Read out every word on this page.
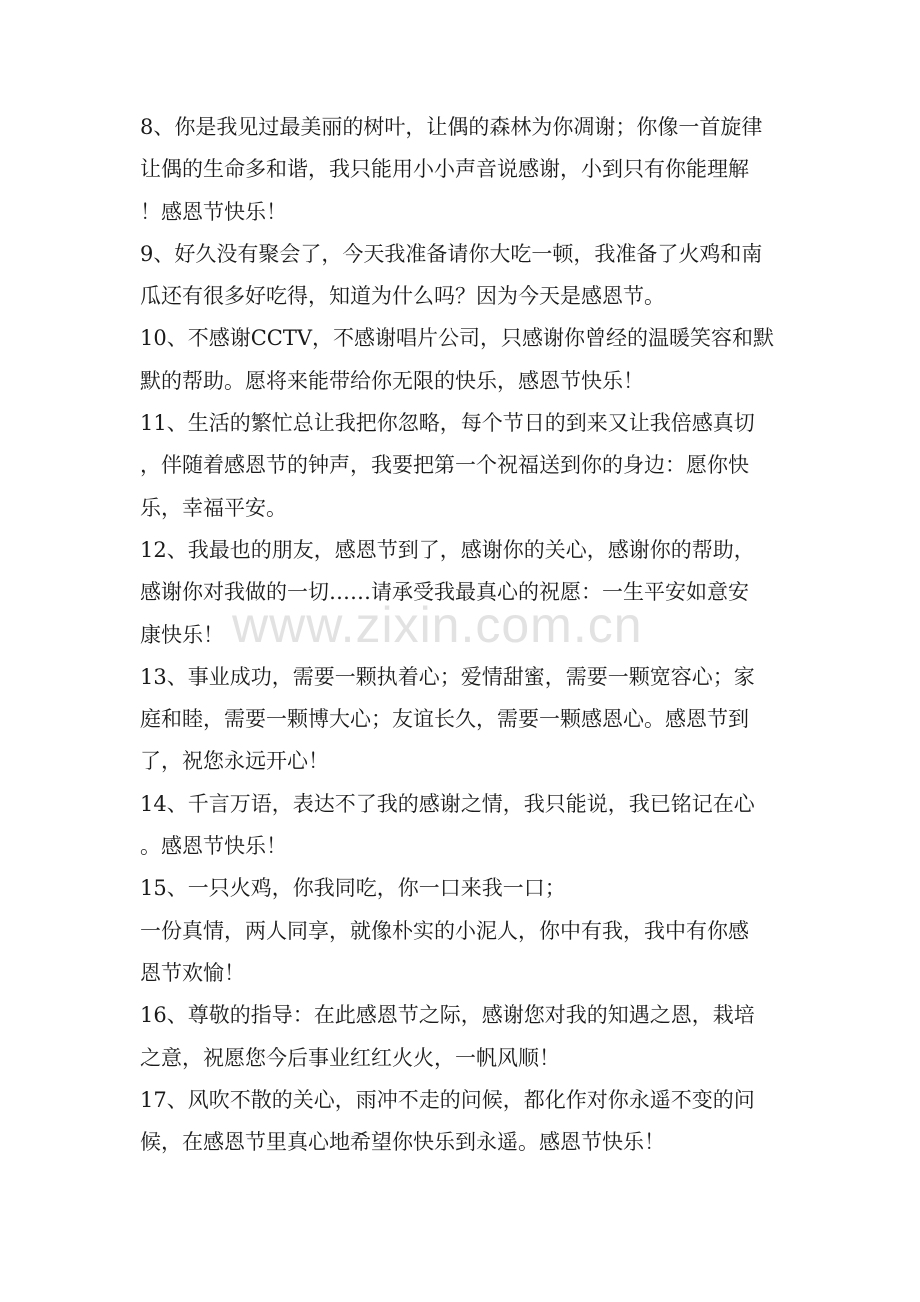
8、你是我见过最美丽的树叶，让偶的森林为你凋谢；你像一首旋律
让偶的生命多和谐，我只能用小小声音说感谢，小到只有你能理解
！感恩节快乐！
9、好久没有聚会了，今天我准备请你大吃一顿，我准备了火鸡和南
瓜还有很多好吃得，知道为什么吗？因为今天是感恩节。
10、不感谢CCTV，不感谢唱片公司，只感谢你曾经的温暖笑容和默
默的帮助。愿将来能带给你无限的快乐，感恩节快乐！
11、生活的繁忙总让我把你忽略，每个节日的到来又让我倍感真切
，伴随着感恩节的钟声，我要把第一个祝福送到你的身边：愿你快
乐，幸福平安。
12、我最也的朋友，感恩节到了，感谢你的关心，感谢你的帮助，
感谢你对我做的一切……请承受我最真心的祝愿：一生平安如意安
康快乐！
13、事业成功，需要一颗执着心；爱情甜蜜，需要一颗宽容心；家
庭和睦，需要一颗博大心；友谊长久，需要一颗感恩心。感恩节到
了，祝您永远开心！
14、千言万语，表达不了我的感谢之情，我只能说，我已铭记在心
。感恩节快乐！
15、一只火鸡，你我同吃，你一口来我一口；
一份真情，两人同享，就像朴实的小泥人，你中有我，我中有你感
恩节欢愉！
16、尊敬的指导：在此感恩节之际，感谢您对我的知遇之恩，栽培
之意，祝愿您今后事业红红火火，一帆风顺！
17、风吹不散的关心，雨冲不走的问候，都化作对你永遥不变的问
候，在感恩节里真心地希望你快乐到永遥。感恩节快乐！
www.zixin.com.cn
